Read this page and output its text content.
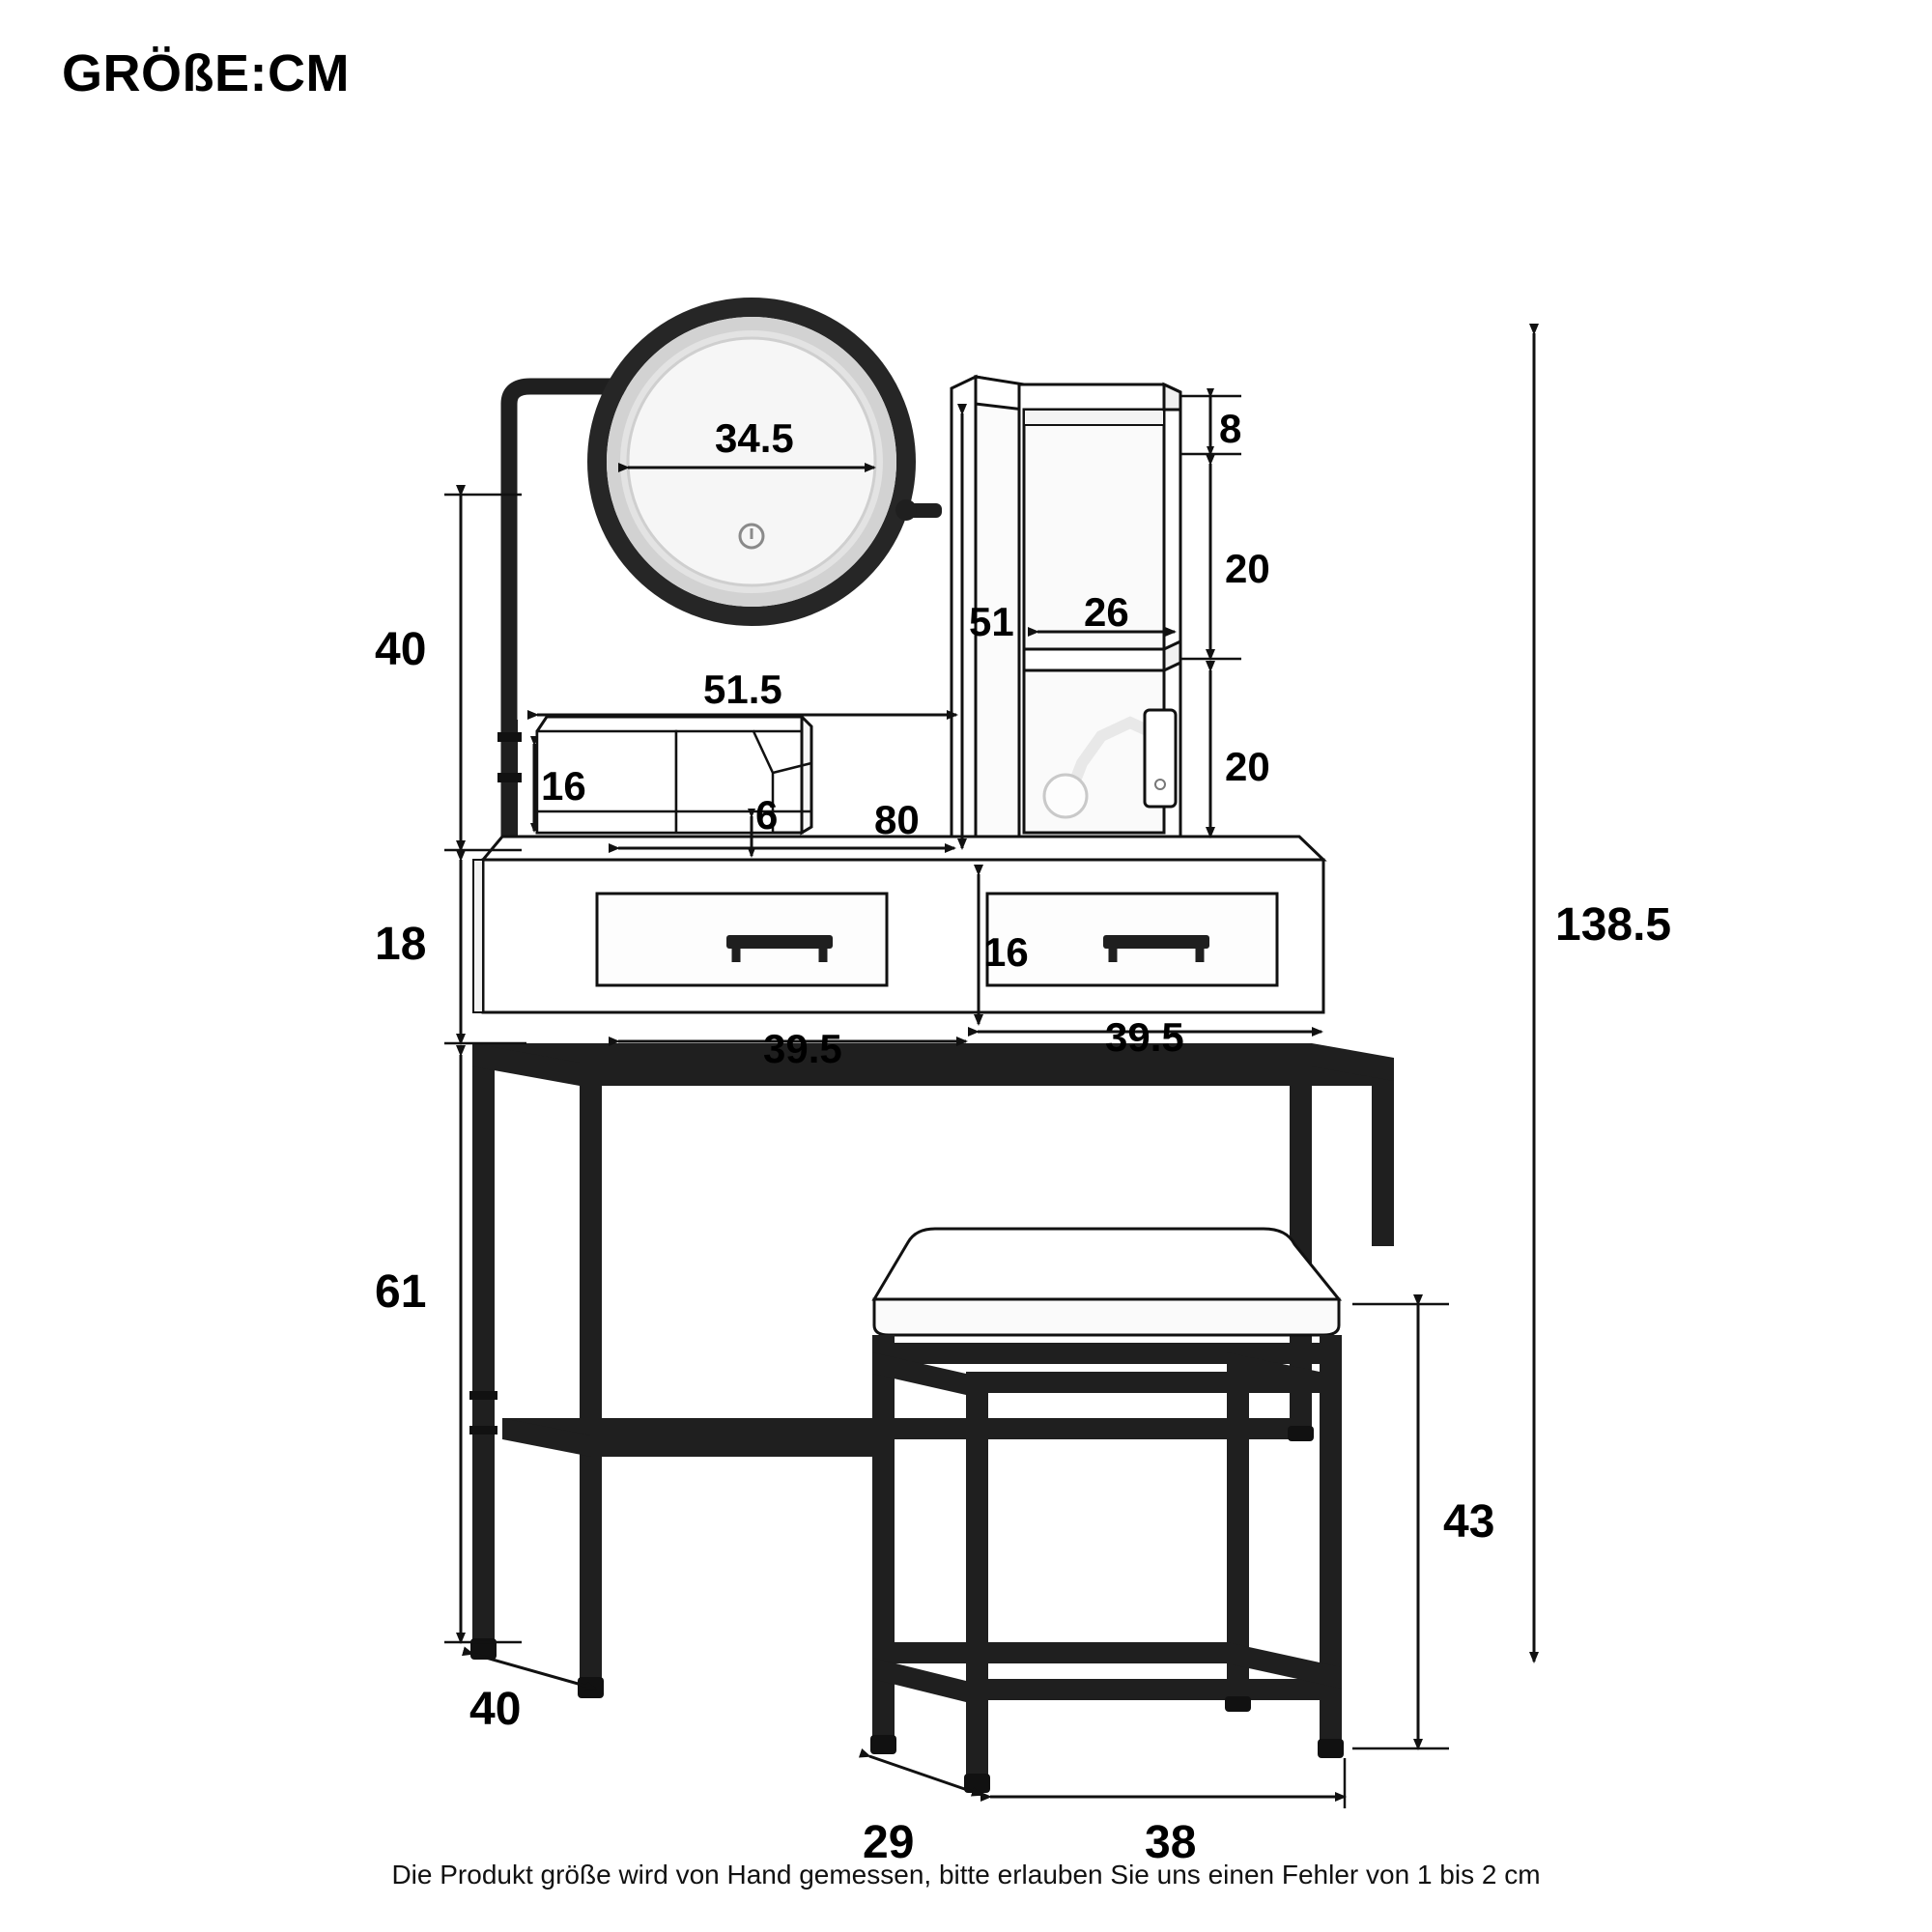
GRÖßE:CM
34.5
138.5
40
51
8
20
26
20
51.5
16
6 80
18	16
39.5	39.5
61
40
43
29	38
Die Produkt größe wird von Hand gemessen, bitte erlauben Sie uns einen Fehler von 1 bis 2 cm
